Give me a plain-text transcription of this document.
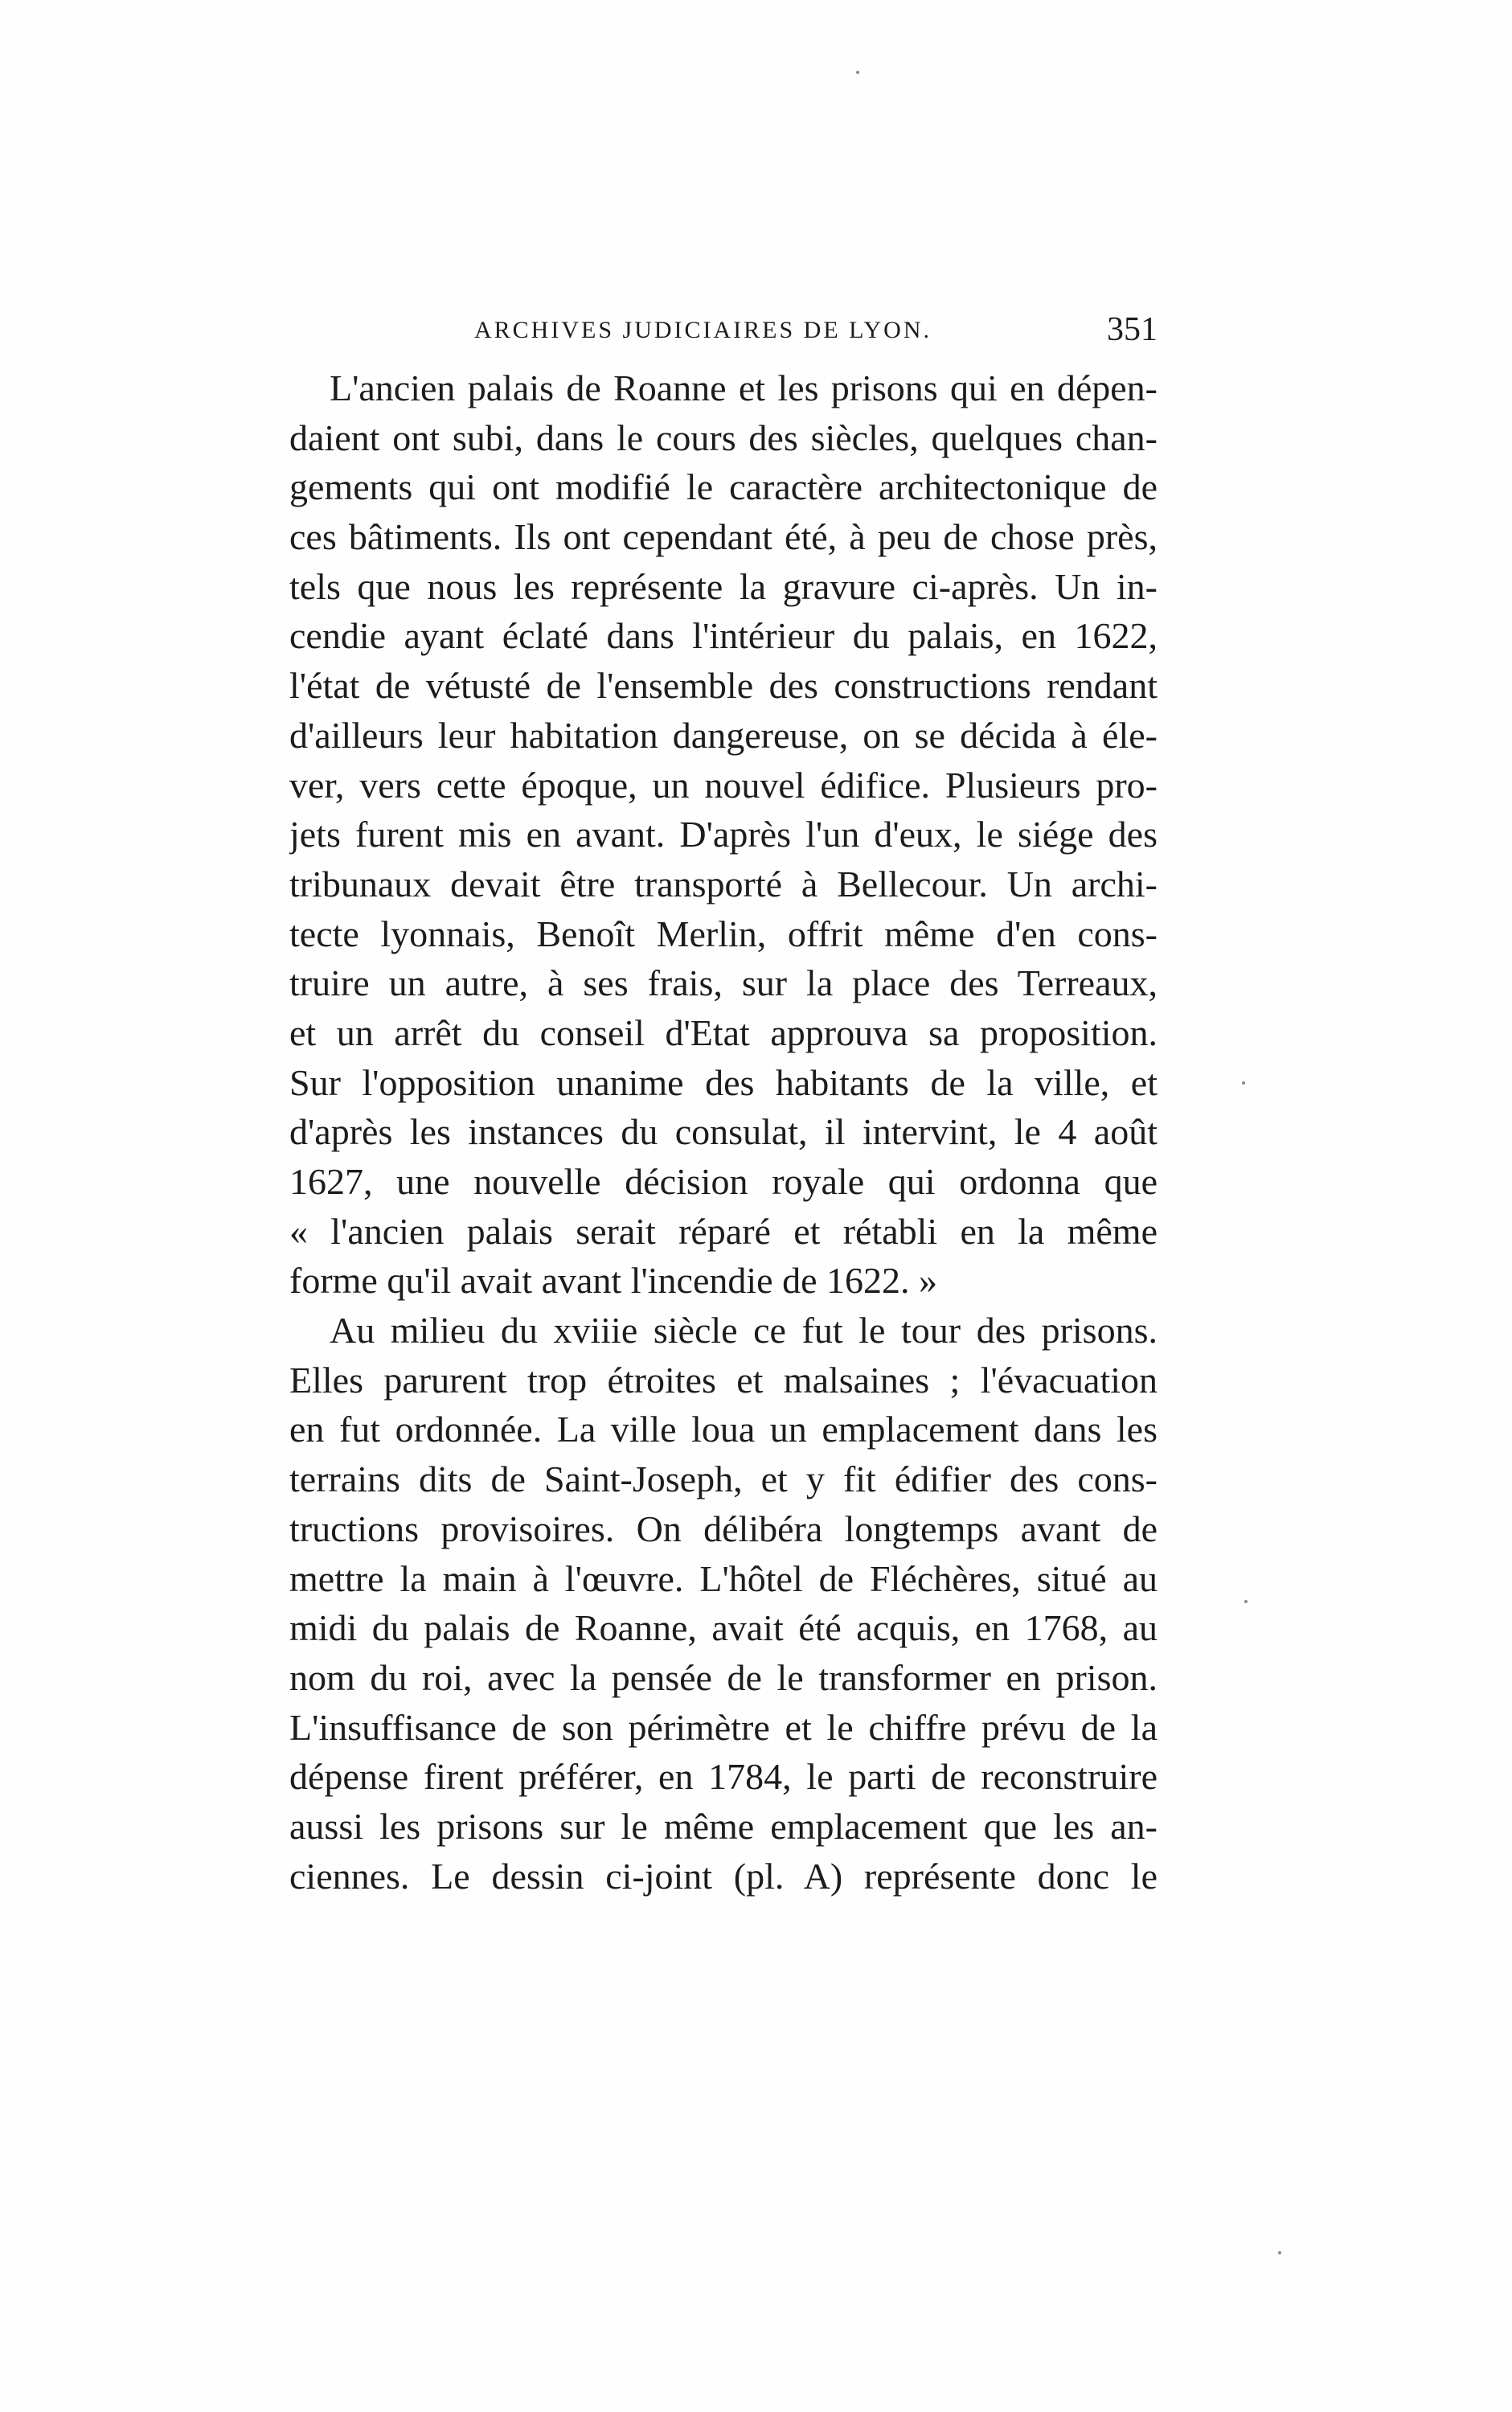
ARCHIVES JUDICIAIRES DE LYON.	351
L'ancien palais de Roanne et les prisons qui en dépen-
daient ont subi, dans le cours des siècles, quelques chan-
gements qui ont modifié le caractère architectonique de
ces bâtiments. Ils ont cependant été, à peu de chose près,
tels que nous les représente la gravure ci-après. Un in-
cendie ayant éclaté dans l'intérieur du palais, en 1622,
l'état de vétusté de l'ensemble des constructions rendant
d'ailleurs leur habitation dangereuse, on se décida à éle-
ver, vers cette époque, un nouvel édifice. Plusieurs pro-
jets furent mis en avant. D'après l'un d'eux, le siége des
tribunaux devait être transporté à Bellecour. Un archi-
tecte lyonnais, Benoît Merlin, offrit même d'en cons-
truire un autre, à ses frais, sur la place des Terreaux,
et un arrêt du conseil d'Etat approuva sa proposition.
Sur l'opposition unanime des habitants de la ville, et
d'après les instances du consulat, il intervint, le 4 août
1627, une nouvelle décision royale qui ordonna que
« l'ancien palais serait réparé et rétabli en la même
forme qu'il avait avant l'incendie de 1622. »
Au milieu du xviiie siècle ce fut le tour des prisons.
Elles parurent trop étroites et malsaines ; l'évacuation
en fut ordonnée. La ville loua un emplacement dans les
terrains dits de Saint-Joseph, et y fit édifier des cons-
tructions provisoires. On délibéra longtemps avant de
mettre la main à l'œuvre. L'hôtel de Fléchères, situé au
midi du palais de Roanne, avait été acquis, en 1768, au
nom du roi, avec la pensée de le transformer en prison.
L'insuffisance de son périmètre et le chiffre prévu de la
dépense firent préférer, en 1784, le parti de reconstruire
aussi les prisons sur le même emplacement que les an-
ciennes. Le dessin ci-joint (pl. A) représente donc le
